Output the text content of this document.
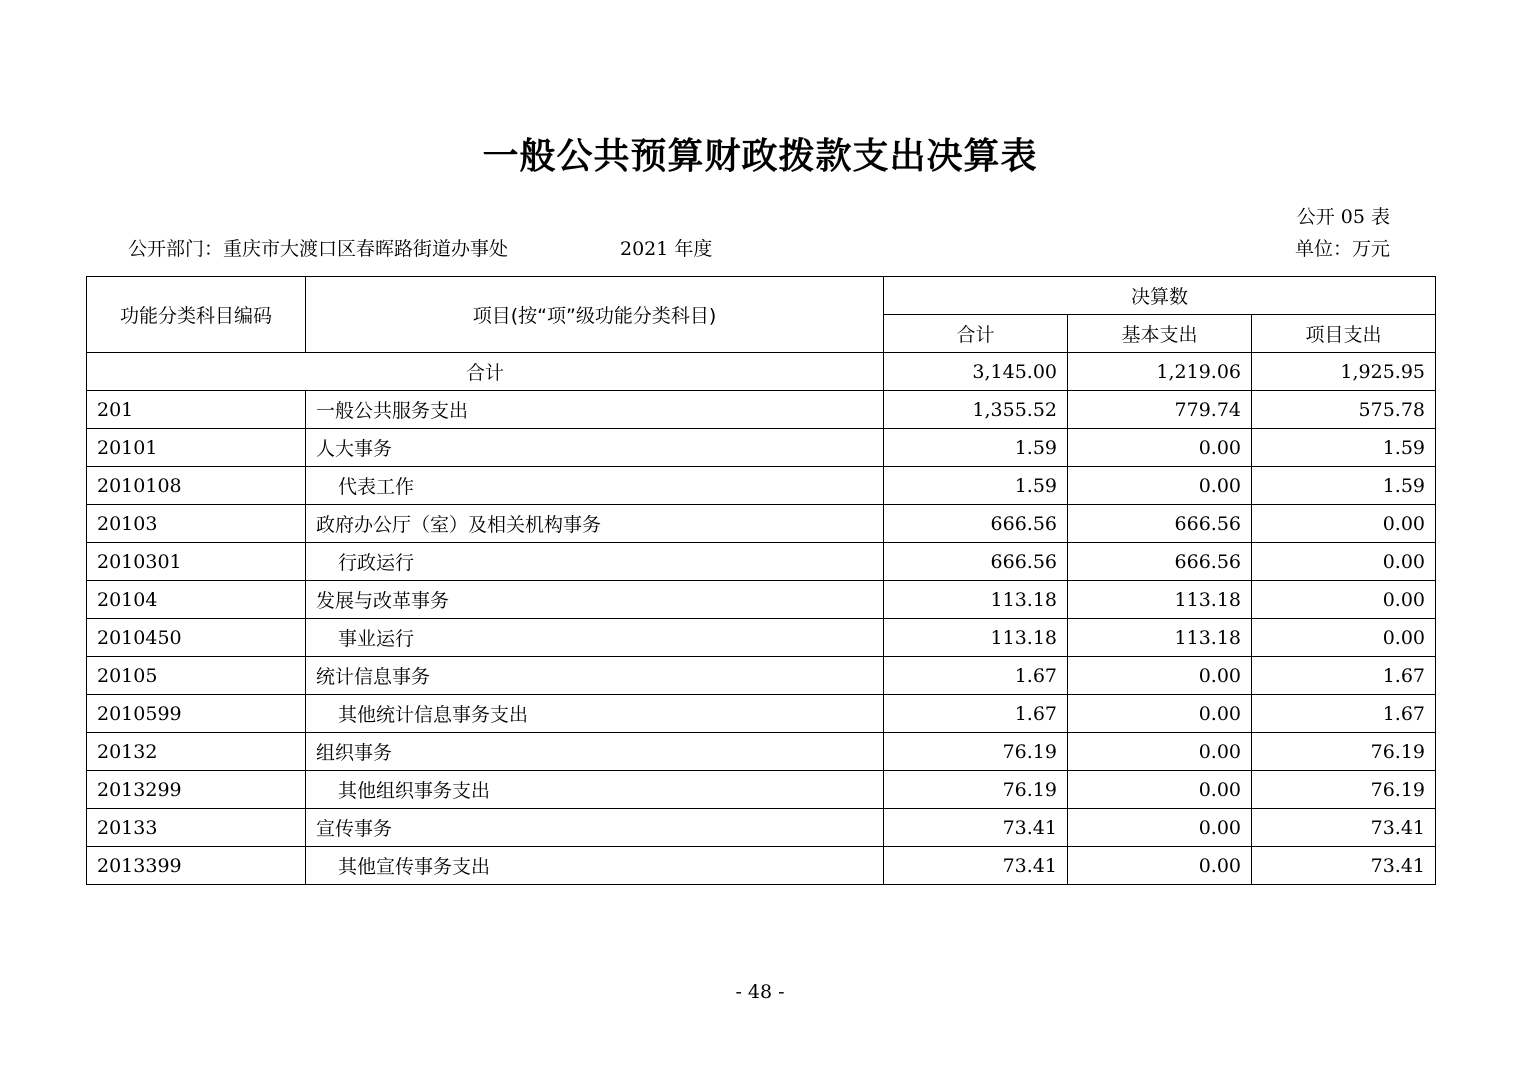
一般公共预算财政拨款支出决算表
公开 05 表
公开部门：重庆市大渡口区春晖路街道办事处	2021 年度	单位：万元
功能分类科目编码	项目(按“项”级功能分类科目)	决算数		
		合计	基本支出	项目支出
合计		3,145.00	1,219.06	1,925.95
201	一般公共服务支出	1,355.52	779.74	575.78
20101	人大事务	1.59	0.00	1.59
2010108	代表工作	1.59	0.00	1.59
20103	政府办公厅（室）及相关机构事务	666.56	666.56	0.00
2010301	行政运行	666.56	666.56	0.00
20104	发展与改革事务	113.18	113.18	0.00
2010450	事业运行	113.18	113.18	0.00
20105	统计信息事务	1.67	0.00	1.67
2010599	其他统计信息事务支出	1.67	0.00	1.67
20132	组织事务	76.19	0.00	76.19
2013299	其他组织事务支出	76.19	0.00	76.19
20133	宣传事务	73.41	0.00	73.41
2013399	其他宣传事务支出	73.41	0.00	73.41
- 48 -
